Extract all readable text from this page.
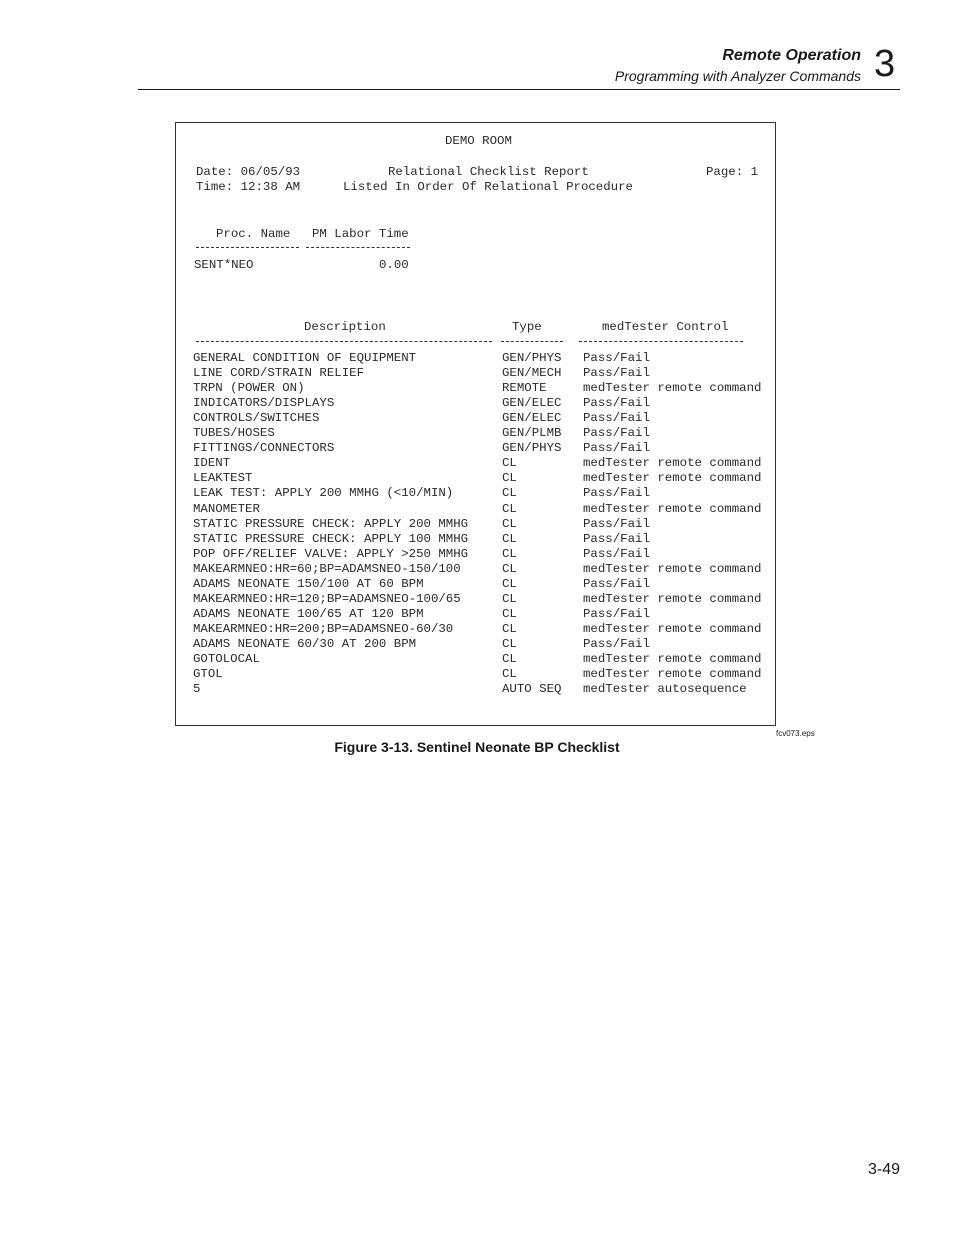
Remote Operation
Programming with Analyzer Commands 3
DEMO ROOM
Date: 06/05/93	Relational Checklist Report	Page: 1
Time: 12:38 AM	Listed In Order Of Relational Procedure
Proc. Name PM Labor Time
SENT*NEO	0.00
Description	Type	medTester Control
GENERAL CONDITION OF EQUIPMENT	GEN/PHYS Pass/Fail
LINE CORD/STRAIN RELIEF	GEN/MECH Pass/Fail
TRPN (POWER ON)	REMOTE	medTester remote command
INDICATORS/DISPLAYS	GEN/ELEC Pass/Fail
CONTROLS/SWITCHES	GEN/ELEC Pass/Fail
TUBES/HOSES	GEN/PLMB Pass/Fail
FITTINGS/CONNECTORS	GEN/PHYS Pass/Fail
IDENT	CL	medTester remote command
LEAKTEST	CL	medTester remote command
LEAK TEST: APPLY 200 MMHG (<10/MIN)	CL	Pass/Fail
MANOMETER	CL	medTester remote command
STATIC PRESSURE CHECK: APPLY 200 MMHG	CL	Pass/Fail
STATIC PRESSURE CHECK: APPLY 100 MMHG	CL	Pass/Fail
POP OFF/RELIEF VALVE: APPLY >250 MMHG	CL	Pass/Fail
MAKEARMNEO:HR=60;BP=ADAMSNEO-150/100	CL	medTester remote command
ADAMS NEONATE 150/100 AT 60 BPM	CL	Pass/Fail
MAKEARMNEO:HR=120;BP=ADAMSNEO-100/65	CL	medTester remote command
ADAMS NEONATE 100/65 AT 120 BPM	CL	Pass/Fail
MAKEARMNEO:HR=200;BP=ADAMSNEO-60/30	CL	medTester remote command
ADAMS NEONATE 60/30 AT 200 BPM	CL	Pass/Fail
GOTOLOCAL	CL	medTester remote command
GTOL	CL	medTester remote command
5	AUTO SEQ medTester autosequence
fcv073.eps
Figure 3-13. Sentinel Neonate BP Checklist
3-49
